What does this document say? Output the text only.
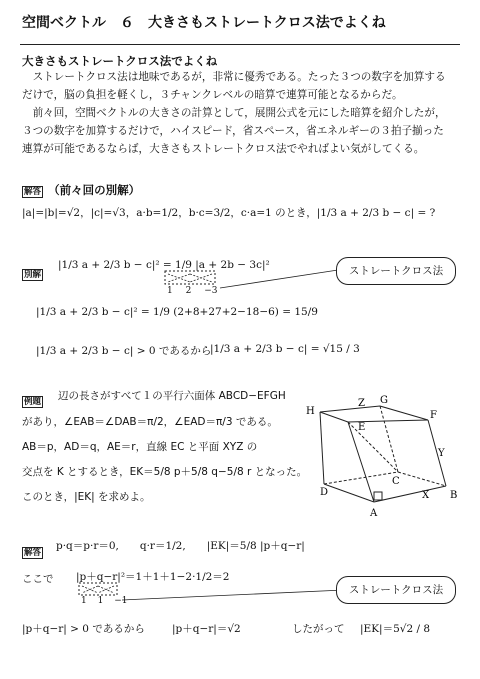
空間ベクトル　６　大きさもストレートクロス法でよくね
大きさもストレートクロス法でよくね
　ストレートクロス法は地味であるが，非常に優秀である。たった３つの数字を加算する
だけで，脳の負担を軽くし，３チャンクレベルの暗算で連算可能となるからだ。
　前々回，空間ベクトルの大きさの計算として，展開公式を元にした暗算を紹介したが，
３つの数字を加算するだけで，ハイスピード，省スペース，省エネルギーの３拍子揃った
連算が可能であるならば，大きさもストレートクロス法でやればよい気がしてくる。
解答 （前々回の別解）
|a|=|b|=√2，|c|=√3，a·b=1/2，b·c=3/2，c·a=1 のとき，|1/3 a + 2/3 b − c| = ?
別解
|1/3 a + 2/3 b − c|² = 1/9 |a + 2b − 3c|²
1 2 −3
ストレートクロス法
|1/3 a + 2/3 b − c|² = 1/9 (2+8+27+2−18−6) = 15/9
|1/3 a + 2/3 b − c| > 0 であるから
|1/3 a + 2/3 b − c| = √15 / 3
例題 辺の長さがすべて１の平行六面体 ABCD−EFGH
があり，∠EAB＝∠DAB＝π/2，∠EAD＝π/3 である。
AB＝p，AD＝q，AE＝r，直線 EC と平面 XYZ の
交点を K とするとき，EK＝5/8 p＋5/8 q−5/8 r となった。
このとき，|EK| を求めよ。
H
Z G
F
E
Y
C
D	B
X
A
解答
p·q＝p·r＝0,　　q·r＝1/2,　　|EK|＝5/8 |p＋q−r|
ここで |p＋q−r|²＝1＋1＋1−2·1/2＝2
1 1 −1
ストレートクロス法
|p＋q−r| > 0 であるから	|p＋q−r|＝√2	したがって |EK|＝5√2 / 8
